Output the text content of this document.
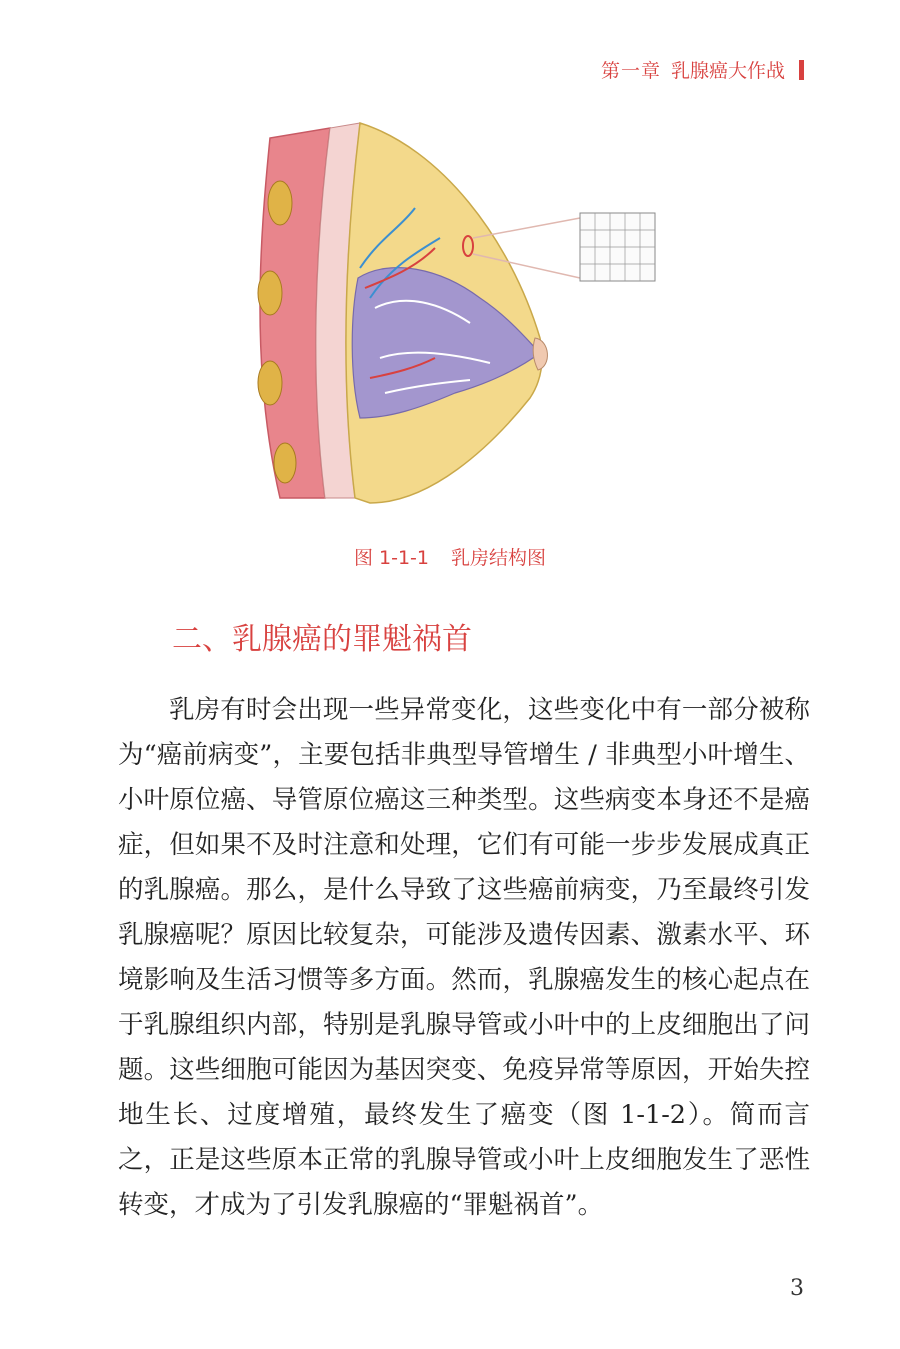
第一章 乳腺癌大作战
图 1-1-1 乳房结构图
二、乳腺癌的罪魁祸首

乳房有时会出现一些异常变化，这些变化中有一部分被称为“癌前病变”，主要包括非典型导管增生 / 非典型小叶增生、小叶原位癌、导管原位癌这三种类型。这些病变本身还不是癌症，但如果不及时注意和处理，它们有可能一步步发展成真正的乳腺癌。那么，是什么导致了这些癌前病变，乃至最终引发乳腺癌呢？原因比较复杂，可能涉及遗传因素、激素水平、环境影响及生活习惯等多方面。然而，乳腺癌发生的核心起点在于乳腺组织内部，特别是乳腺导管或小叶中的上皮细胞出了问题。这些细胞可能因为基因突变、免疫异常等原因，开始失控地生长、过度增殖，最终发生了癌变（图 1-1-2）。简而言之，正是这些原本正常的乳腺导管或小叶上皮细胞发生了恶性转变，才成为了引发乳腺癌的“罪魁祸首”。

3
